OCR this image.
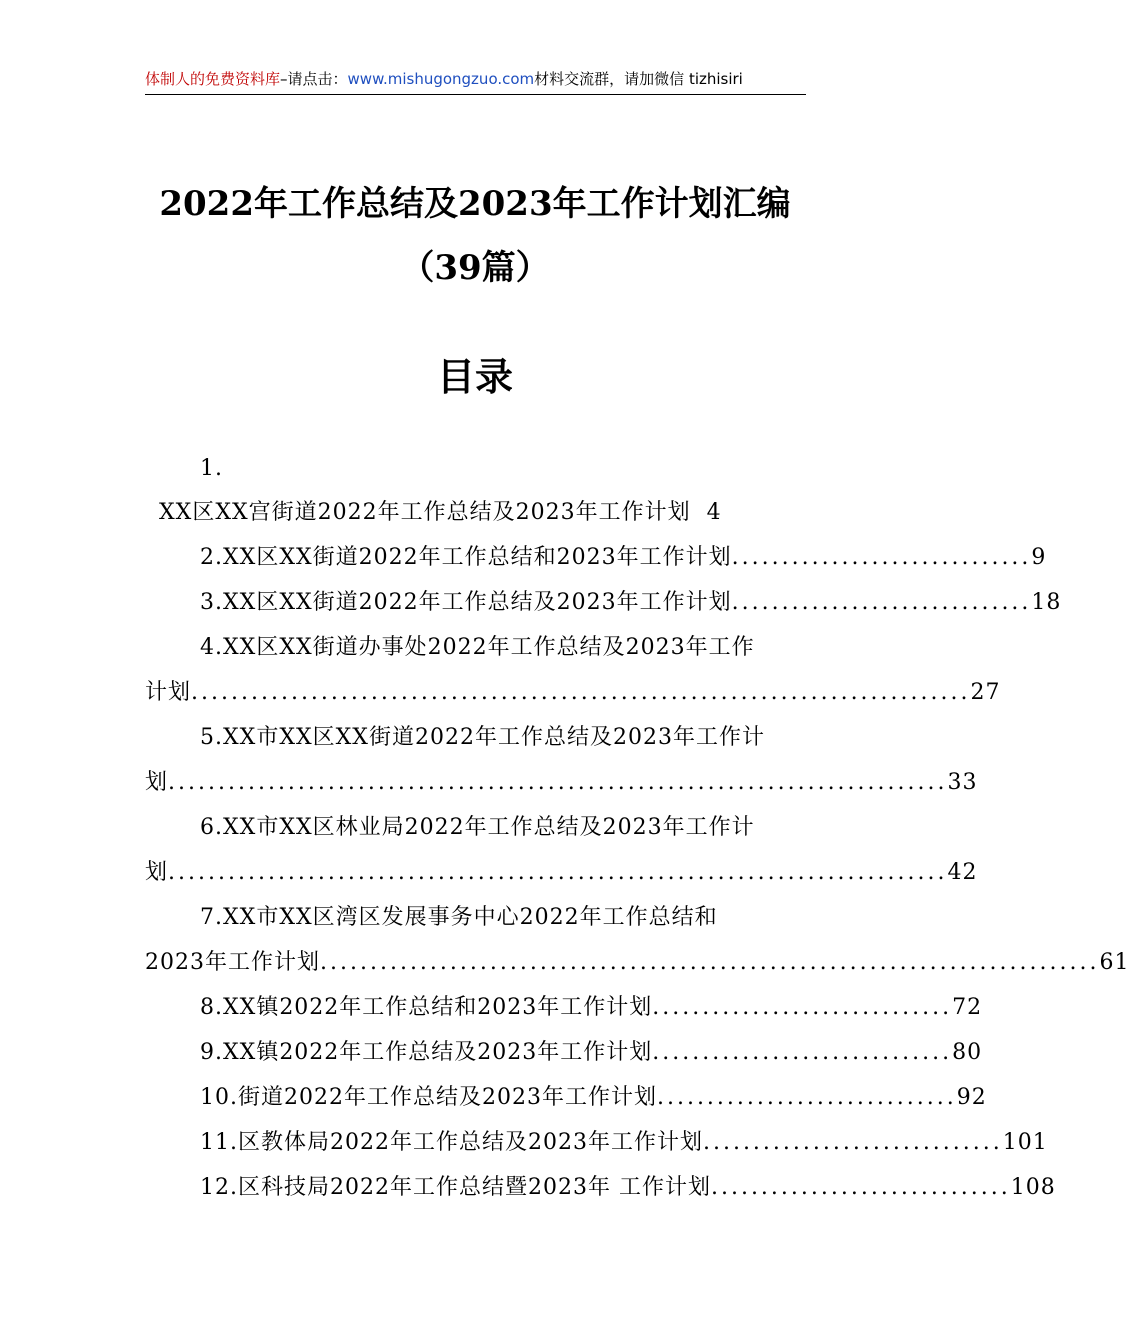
体制人的免费资料库–请点击：www.mishugongzuo.com材料交流群，请加微信 tizhisiri
2022年工作总结及2023年工作计划汇编
（39篇）
目录
1.
XX区XX宫街道2022年工作总结及2023年工作计划 4
2.XX区XX街道2022年工作总结和2023年工作计划 .............................. 9
3.XX区XX街道2022年工作总结及2023年工作计划 .............................. 18
4.XX区XX街道办事处2022年工作总结及2023年工作
计划 .............................................................................. 27
5.XX市XX区XX街道2022年工作总结及2023年工作计
划 .............................................................................. 33
6.XX市XX区林业局2022年工作总结及2023年工作计
划 .............................................................................. 42
7.XX市XX区湾区发展事务中心2022年工作总结和
2023年工作计划 .............................................................................. 61
8.XX镇2022年工作总结和2023年工作计划 .............................. 72
9.XX镇2022年工作总结及2023年工作计划 .............................. 80
10.街道2022年工作总结及2023年工作计划 .............................. 92
11.区教体局2022年工作总结及2023年工作计划 .............................. 101
12.区科技局2022年工作总结暨2023年 工作计划 .............................. 108
